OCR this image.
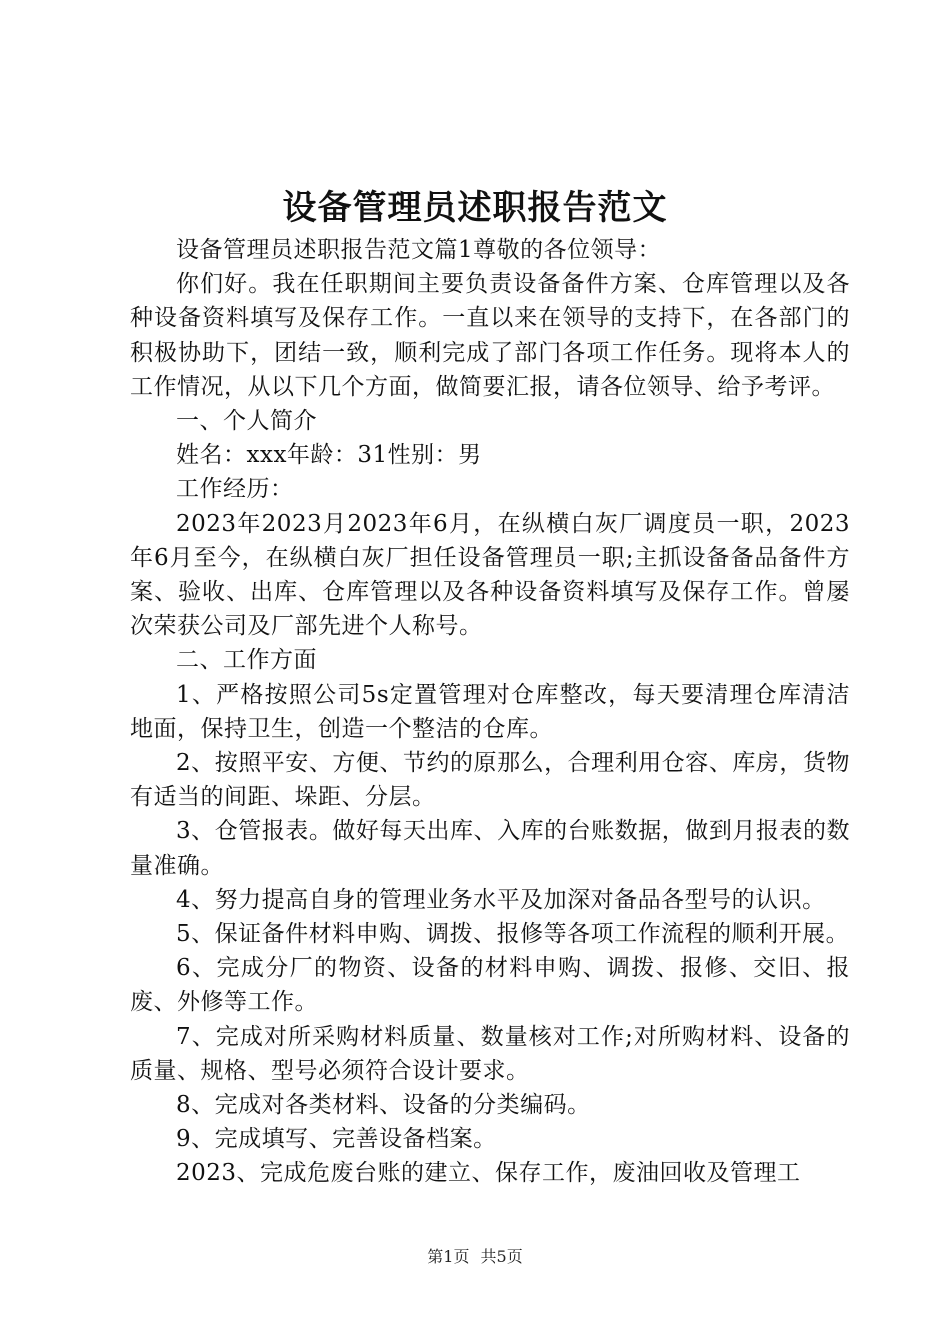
设备管理员述职报告范文

设备管理员述职报告范文篇1尊敬的各位领导：

你们好。我在任职期间主要负责设备备件方案、仓库管理以及各种设备资料填写及保存工作。一直以来在领导的支持下，在各部门的积极协助下，团结一致，顺利完成了部门各项工作任务。现将本人的工作情况，从以下几个方面，做简要汇报，请各位领导、给予考评。

一、个人简介

姓名：xxx年龄：31性别：男

工作经历：

2023年2023月2023年6月，在纵横白灰厂调度员一职，2023年6月至今，在纵横白灰厂担任设备管理员一职;主抓设备备品备件方案、验收、出库、仓库管理以及各种设备资料填写及保存工作。曾屡次荣获公司及厂部先进个人称号。

二、工作方面

1、严格按照公司5s定置管理对仓库整改，每天要清理仓库清洁地面，保持卫生，创造一个整洁的仓库。

2、按照平安、方便、节约的原那么，合理利用仓容、库房，货物有适当的间距、垛距、分层。

3、仓管报表。做好每天出库、入库的台账数据，做到月报表的数量准确。

4、努力提高自身的管理业务水平及加深对备品各型号的认识。

5、保证备件材料申购、调拨、报修等各项工作流程的顺利开展。

6、完成分厂的物资、设备的材料申购、调拨、报修、交旧、报废、外修等工作。

7、完成对所采购材料质量、数量核对工作;对所购材料、设备的质量、规格、型号必须符合设计要求。

8、完成对各类材料、设备的分类编码。

9、完成填写、完善设备档案。

2023、完成危废台账的建立、保存工作，废油回收及管理工

第1页 共5页
